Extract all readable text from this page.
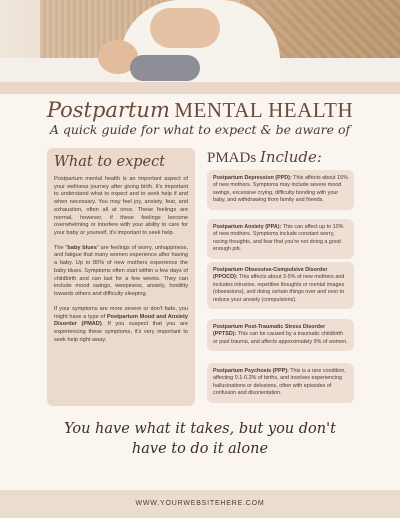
Postpartum MENTAL HEALTH
A quick guide for what to expect & be aware of
What to expect

Postpartum mental health is an important aspect of your wellness journey after giving birth. It's important to understand what to expect and to seek help if and when necessary. You may feel joy, anxiety, fear, and exhaustion, often all at once. These feelings are normal, however, if these feelings become overwhelming or interfere with your ability to care for your baby or yourself, it's important to seek help.

The "baby blues" are feelings of worry, unhappiness, and fatigue that many women experience after having a baby. Up to 80% of new mothers experience the baby blues. Symptoms often start within a few days of childbirth and can last for a few weeks. They can include mood swings, weepiness, anxiety, hostility towards others and difficulty sleeping.

If your symptoms are more severe or don't fade, you might have a type of Postpartum Mood and Anxiety Disorder (PMAD). If you suspect that you are experiencing these symptoms, it's very important to seek help right away.

PMADs Include:
Postpartum Depression (PPD): This affects about 15% of new mothers. Symptoms may include severe mood swings, excessive crying, difficulty bonding with your baby, and withdrawing from family and friends.
Postpartum Anxiety (PPA): This can affect up to 10% of new mothers. Symptoms include constant worry, racing thoughts, and fear that you're not doing a good enough job.
Postpartum Obsessive-Compulsive Disorder (PPOCD): This affects about 3-5% of new mothers and includes intrusive, repetitive thoughts or mental images (obsessions), and doing certain things over and over to reduce your anxiety (compulsions).
Postpartum Post-Traumatic Stress Disorder (PPTSD): This can be caused by a traumatic childbirth or past trauma, and affects approximately 9% of women.
Postpartum Psychosis (PPP): This is a rare condition, affecting 0.1-0.2% of births, and involves experiencing hallucinations or delusions, often with episodes of confusion and disorientation.
You have what it takes, but you don't
have to do it alone
WWW.YOURWEBSITEHERE.COM
